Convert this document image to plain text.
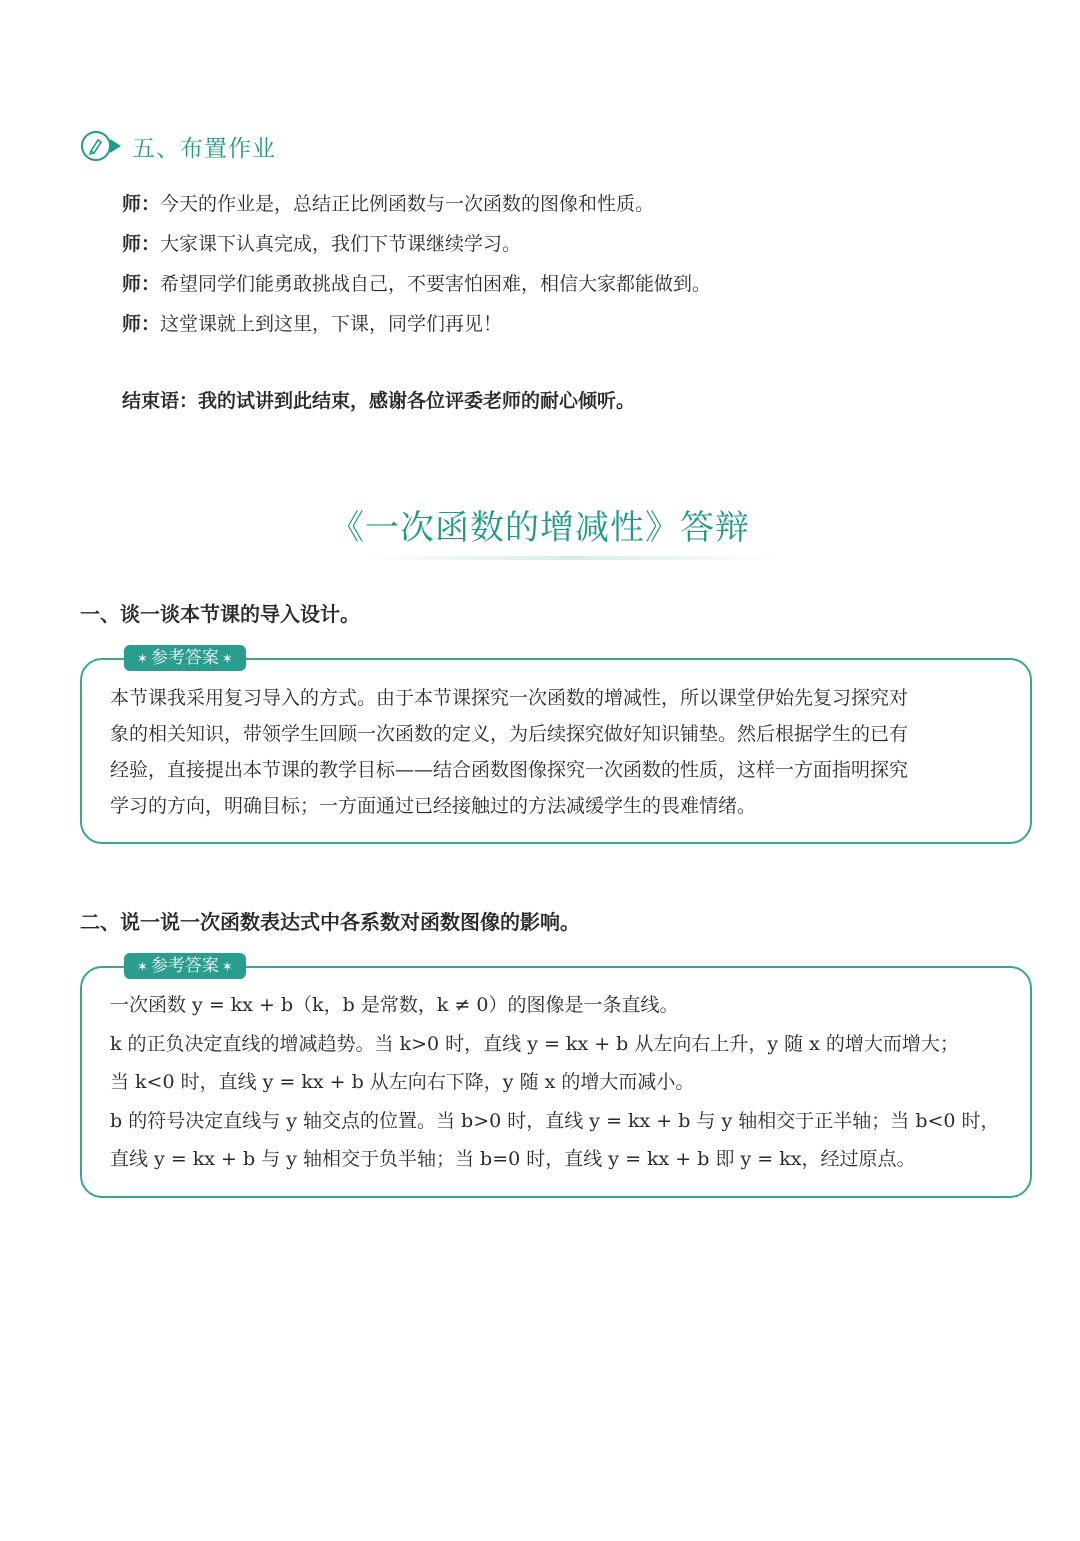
五、布置作业
师：今天的作业是，总结正比例函数与一次函数的图像和性质。
师：大家课下认真完成，我们下节课继续学习。
师：希望同学们能勇敢挑战自己，不要害怕困难，相信大家都能做到。
师：这堂课就上到这里，下课，同学们再见！
结束语：我的试讲到此结束，感谢各位评委老师的耐心倾听。
《一次函数的增减性》答辩
一、谈一谈本节课的导入设计。
✶ 参考答案 ✶

本节课我采用复习导入的方式。由于本节课探究一次函数的增减性，所以课堂伊始先复习探究对

象的相关知识，带领学生回顾一次函数的定义，为后续探究做好知识铺垫。然后根据学生的已有

经验，直接提出本节课的教学目标——结合函数图像探究一次函数的性质，这样一方面指明探究

学习的方向，明确目标；一方面通过已经接触过的方法减缓学生的畏难情绪。

二、说一说一次函数表达式中各系数对函数图像的影响。
✶ 参考答案 ✶

一次函数 y = kx + b（k，b 是常数，k ≠ 0）的图像是一条直线。

k 的正负决定直线的增减趋势。当 k>0 时，直线 y = kx + b 从左向右上升，y 随 x 的增大而增大；

当 k<0 时，直线 y = kx + b 从左向右下降，y 随 x 的增大而减小。

b 的符号决定直线与 y 轴交点的位置。当 b>0 时，直线 y = kx + b 与 y 轴相交于正半轴；当 b<0 时，

直线 y = kx + b 与 y 轴相交于负半轴；当 b=0 时，直线 y = kx + b 即 y = kx，经过原点。
